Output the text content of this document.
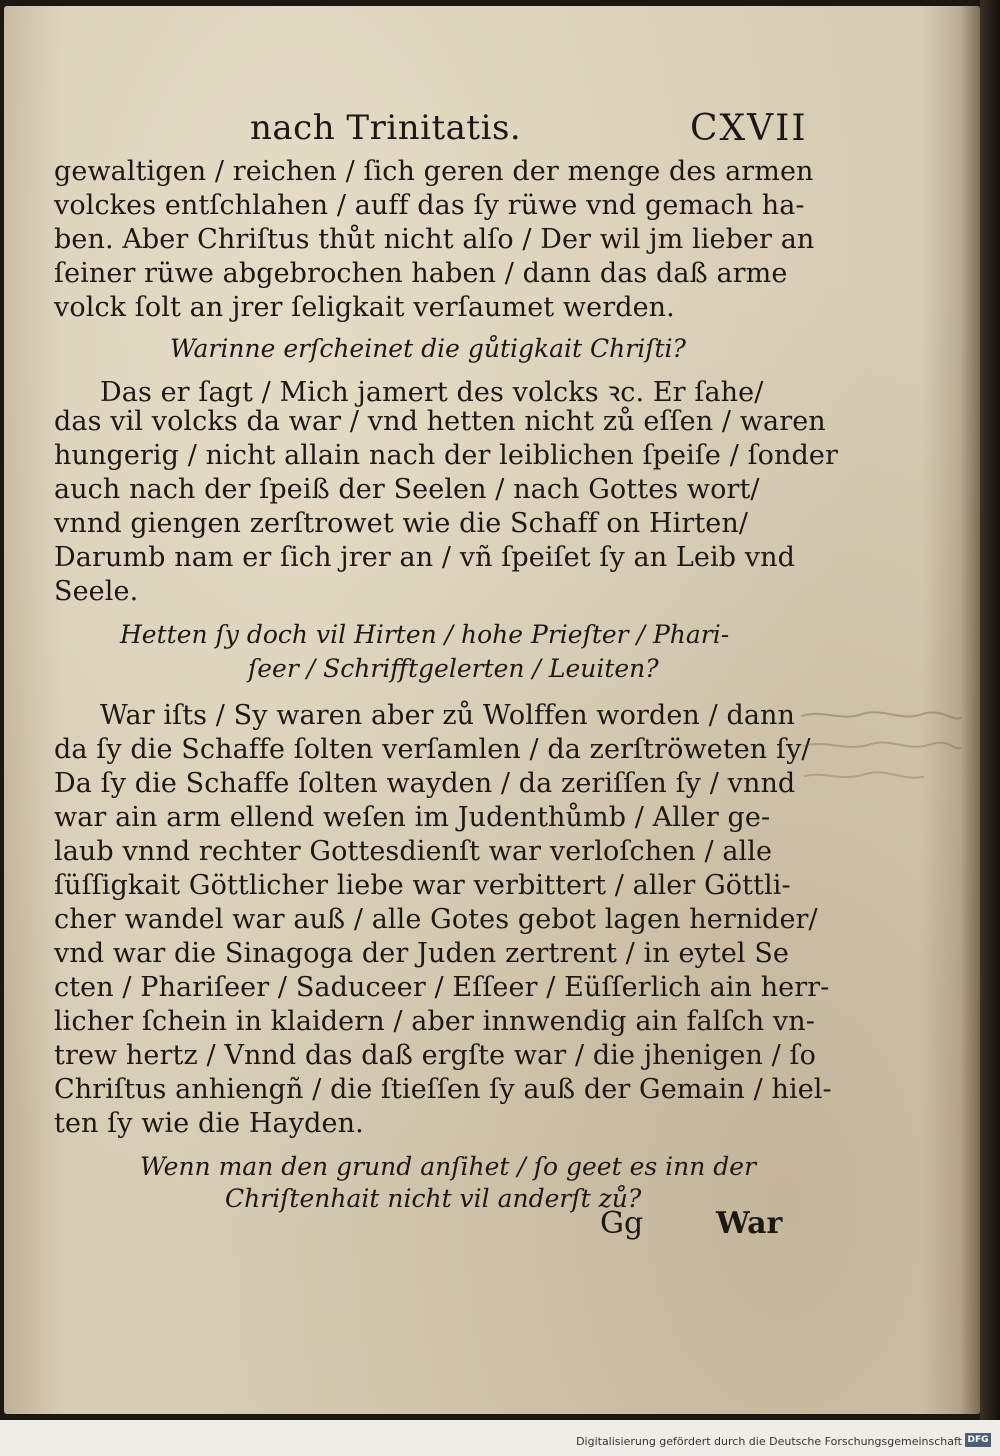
nach Trinitatis.	CXVII
gewaltigen / reichen / ſich geren der menge des armen
volckes entſchlahen / auff das ſy rüwe vnd gemach ha-
ben. Aber Chriſtus thůt nicht alſo / Der wil jm lieber an
ſeiner rüwe abgebrochen haben / dann das daß arme
volck ſolt an jrer ſeligkait verſaumet werden.
Warinne erſcheinet die gůtigkait Chriſti?
Das er ſagt / Mich jamert des volcks ꝛc. Er ſahe/
das vil volcks da war / vnd hetten nicht zů eſſen / waren
hungerig / nicht allain nach der leiblichen ſpeiſe / ſonder
auch nach der ſpeiß der Seelen / nach Gottes wort/
vnnd giengen zerſtrowet wie die Schaff on Hirten/
Darumb nam er ſich jrer an / vñ ſpeiſet ſy an Leib vnd
Seele.
Hetten ſy doch vil Hirten / hohe Prieſter / Phari-
ſeer / Schrifftgelerten / Leuiten?
War iſts / Sy waren aber zů Wolffen worden / dann
da ſy die Schaffe ſolten verſamlen / da zerſtröweten ſy/
Da ſy die Schaffe ſolten wayden / da zeriſſen ſy / vnnd
war ain arm ellend weſen im Judenthůmb / Aller ge-
laub vnnd rechter Gottesdienſt war verloſchen / alle
ſüſſigkait Göttlicher liebe war verbittert / aller Göttli-
cher wandel war auß / alle Gotes gebot lagen hernider/
vnd war die Sinagoga der Juden zertrent / in eytel Se
cten / Phariſeer / Saduceer / Eſſeer / Eüſſerlich ain herr-
licher ſchein in klaidern / aber innwendig ain falſch vn-
trew hertz / Vnnd das daß ergſte war / die jhenigen / ſo
Chriſtus anhiengñ / die ſtieſſen ſy auß der Gemain / hiel-
ten ſy wie die Hayden.
Wenn man den grund anſihet / ſo geet es inn der
Chriſtenhait nicht vil anderſt zů?
Gg War
Digitalisierung gefördert durch die Deutsche Forschungsgemeinschaft DFG
